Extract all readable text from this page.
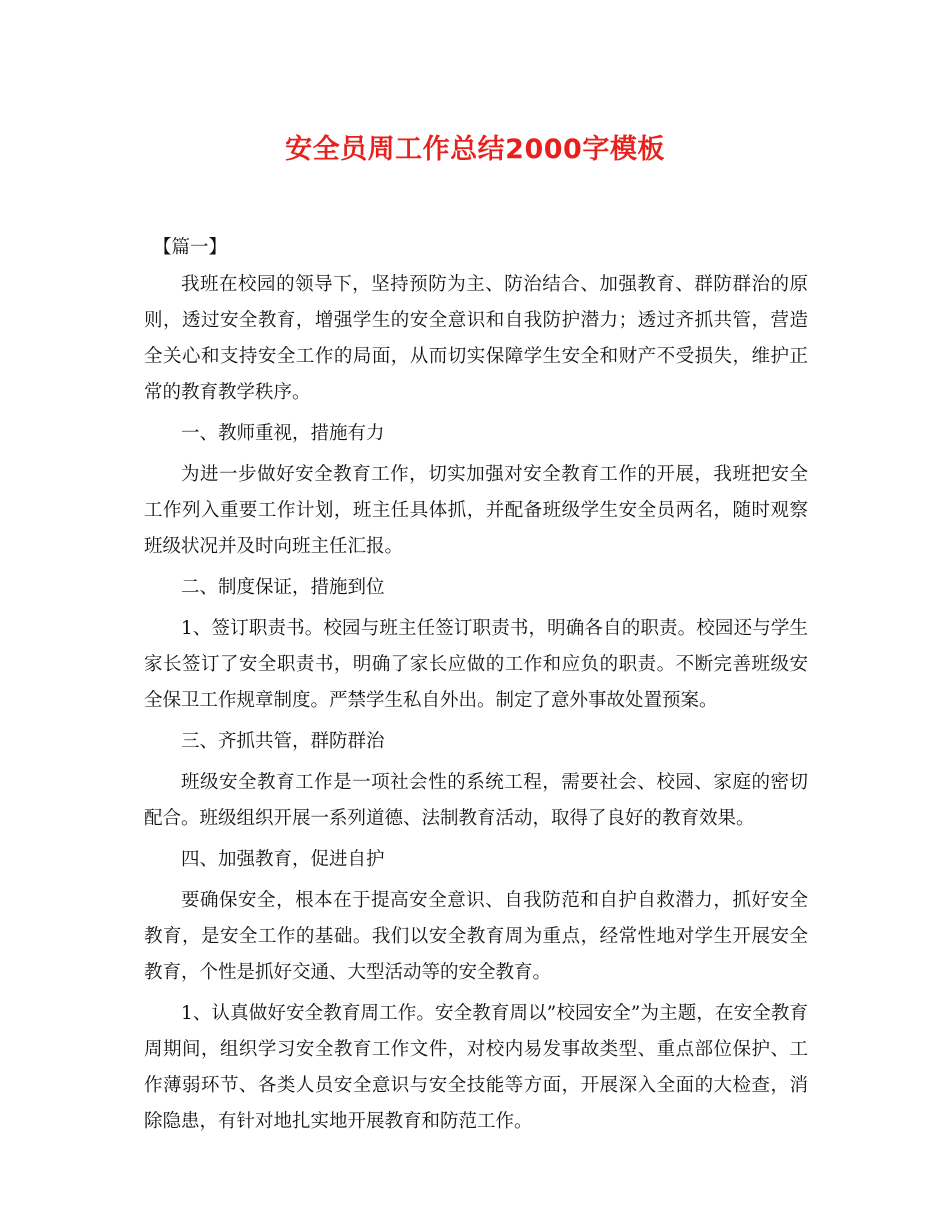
安全员周工作总结2000字模板

【篇一】

我班在校园的领导下，坚持预防为主、防治结合、加强教育、群防群治的原则，透过安全教育，增强学生的安全意识和自我防护潜力；透过齐抓共管，营造全关心和支持安全工作的局面，从而切实保障学生安全和财产不受损失，维护正常的教育教学秩序。

一、教师重视，措施有力

为进一步做好安全教育工作，切实加强对安全教育工作的开展，我班把安全工作列入重要工作计划，班主任具体抓，并配备班级学生安全员两名，随时观察班级状况并及时向班主任汇报。

二、制度保证，措施到位

1、签订职责书。校园与班主任签订职责书，明确各自的职责。校园还与学生家长签订了安全职责书，明确了家长应做的工作和应负的职责。不断完善班级安全保卫工作规章制度。严禁学生私自外出。制定了意外事故处置预案。

三、齐抓共管，群防群治

班级安全教育工作是一项社会性的系统工程，需要社会、校园、家庭的密切配合。班级组织开展一系列道德、法制教育活动，取得了良好的教育效果。

四、加强教育，促进自护

要确保安全，根本在于提高安全意识、自我防范和自护自救潜力，抓好安全教育，是安全工作的基础。我们以安全教育周为重点，经常性地对学生开展安全教育，个性是抓好交通、大型活动等的安全教育。

1、认真做好安全教育周工作。安全教育周以”校园安全”为主题，在安全教育周期间，组织学习安全教育工作文件，对校内易发事故类型、重点部位保护、工作薄弱环节、各类人员安全意识与安全技能等方面，开展深入全面的大检查，消除隐患，有针对地扎实地开展教育和防范工作。
